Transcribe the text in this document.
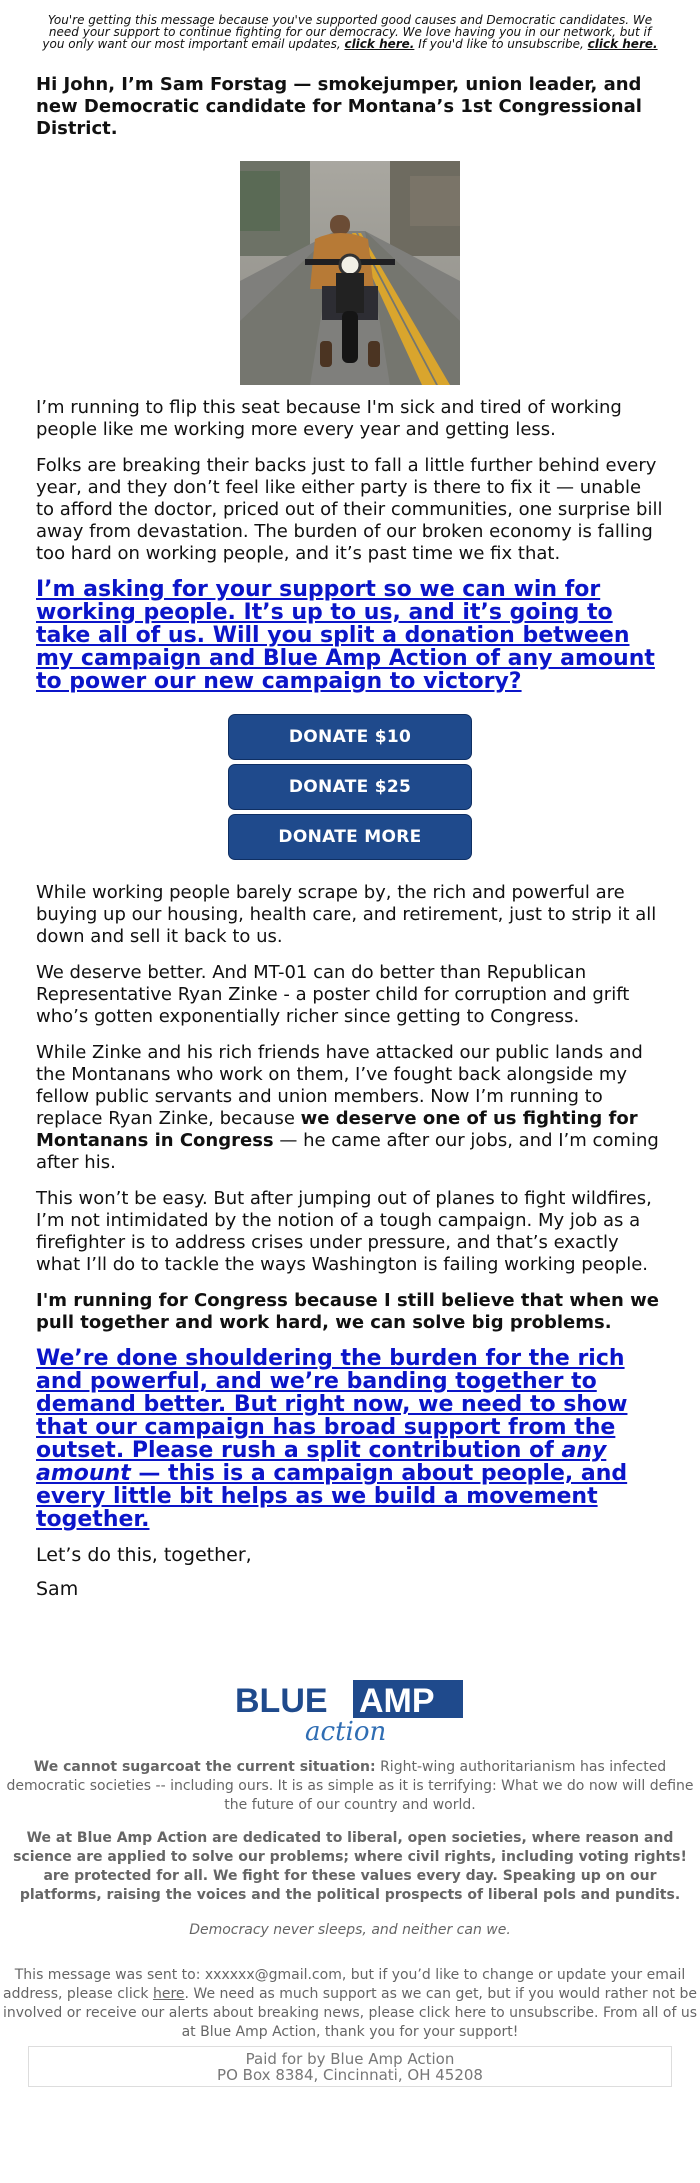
You're getting this message because you've supported good causes and Democratic candidates. We need your support to continue fighting for our democracy. We love having you in our network, but if you only want our most important email updates, click here. If you'd like to unsubscribe, click here.
Hi John, I’m Sam Forstag — smokejumper, union leader, and new Democratic candidate for Montana’s 1st Congressional District.
I’m running to flip this seat because I'm sick and tired of working people like me working more every year and getting less.
Folks are breaking their backs just to fall a little further behind every year, and they don’t feel like either party is there to fix it — unable to afford the doctor, priced out of their communities, one surprise bill away from devastation. The burden of our broken economy is falling too hard on working people, and it’s past time we fix that.
I’m asking for your support so we can win for working people. It’s up to us, and it’s going to take all of us. Will you split a donation between my campaign and Blue Amp Action of any amount to power our new campaign to victory?
DONATE $10
DONATE $25
DONATE MORE
While working people barely scrape by, the rich and powerful are buying up our housing, health care, and retirement, just to strip it all down and sell it back to us.
We deserve better. And MT-01 can do better than Republican Representative Ryan Zinke - a poster child for corruption and grift who’s gotten exponentially richer since getting to Congress.
While Zinke and his rich friends have attacked our public lands and the Montanans who work on them, I’ve fought back alongside my fellow public servants and union members. Now I’m running to replace Ryan Zinke, because we deserve one of us fighting for Montanans in Congress — he came after our jobs, and I’m coming after his.
This won’t be easy. But after jumping out of planes to fight wildfires, I’m not intimidated by the notion of a tough campaign. My job as a firefighter is to address crises under pressure, and that’s exactly what I’ll do to tackle the ways Washington is failing working people.
I'm running for Congress because I still believe that when we pull together and work hard, we can solve big problems.
We’re done shouldering the burden for the rich and powerful, and we’re banding together to demand better. But right now, we need to show that our campaign has broad support from the outset. Please rush a split contribution of any amount — this is a campaign about people, and every little bit helps as we build a movement together.
Let’s do this, together,
Sam
BLUE AMP
action
We cannot sugarcoat the current situation: Right-wing authoritarianism has infected democratic societies -- including ours. It is as simple as it is terrifying: What we do now will define the future of our country and world.
We at Blue Amp Action are dedicated to liberal, open societies, where reason and science are applied to solve our problems; where civil rights, including voting rights! are protected for all. We fight for these values every day. Speaking up on our platforms, raising the voices and the political prospects of liberal pols and pundits.
Democracy never sleeps, and neither can we.
This message was sent to: xxxxxx@gmail.com, but if you’d like to change or update your email address, please click here. We need as much support as we can get, but if you would rather not be involved or receive our alerts about breaking news, please click here to unsubscribe. From all of us at Blue Amp Action, thank you for your support!
Paid for by Blue Amp Action
PO Box 8384, Cincinnati, OH 45208
